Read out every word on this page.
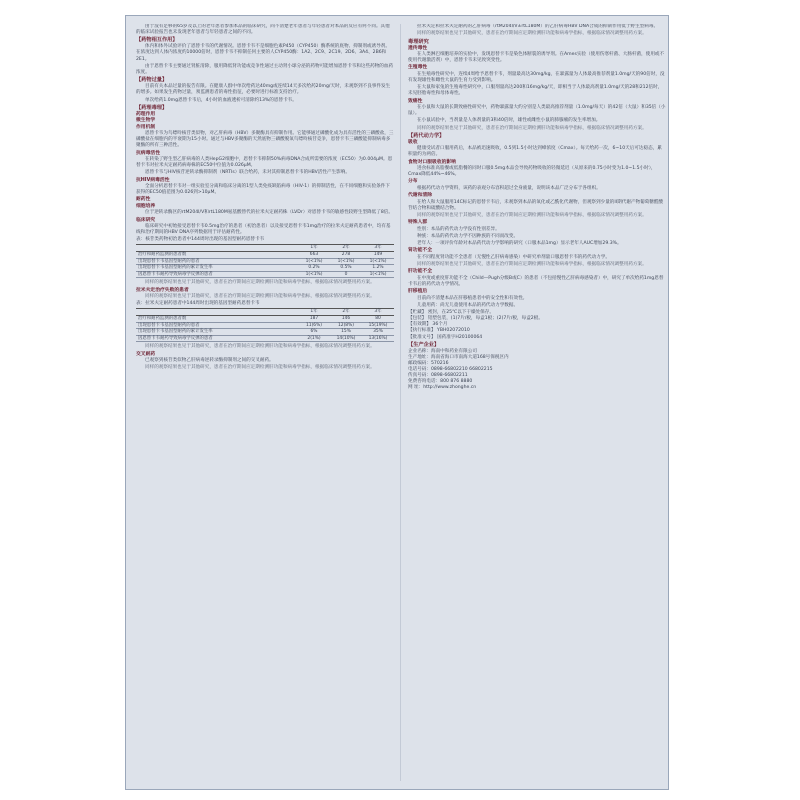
由于没有足够的65岁及以上的老年患者参加本品的临床研究，尚不清楚老年患者与年轻患者对本品的反应有何不同。其他的临床试验报告也未发现老年患者与年轻患者之间的不同。

【药物相互作用】

体内和体外试验评价了恩替卡韦的代谢情况。恩替卡韦不是细胞色素P450（CYP450）酶系统的底物、抑制剂或诱导剂。在浓度达到人体内浓度约10000倍时，恩替卡韦不抑制任何主要的人CYP450酶：1A2、2C9、2C19、2D6、3A4、2B6和2E1。

由于恩替卡韦主要通过肾脏清除，服用降低肾功能或竞争性通过主动肾小球分泌的药物可能增加恩替卡韦和这些药物的血药浓度。

【药物过量】

目前有关本品过量的报告有限。在健康人群中单次给药达40mg或连续14天多次给药20mg/天时，未观察到不良事件发生的增多。如果发生药物过量，须监测患者的毒性指征，必要时进行标准支持治疗。

单次给药1.0mg恩替卡韦后，4小时的血液透析可清除约13%的恩替卡韦。

【药理毒理】
药理作用
微生物学
作用机制

恩替卡韦为鸟嘌呤核苷类似物，对乙肝病毒（HBV）多聚酶具有抑制作用。它能够通过磷酸化成为具有活性的三磷酸盐，三磷酸盐在细胞内的半衰期为15小时。通过与HBV多聚酶的天然底物三磷酸脱氧鸟嘌呤核苷竞争，恩替卡韦三磷酸能抑制病毒多聚酶的所有三种活性。

抗病毒活性

在转染了野生型乙肝病毒的人类HepG2细胞中，恩替卡韦抑制50%病毒DNA合成所需要的浓度（EC50）为0.004μM。恩替卡韦对拉米夫定耐药病毒株的EC50中位值为0.026μM。

恩替卡韦与HIV核苷逆转录酶抑制剂（NRTIs）联合给药，未对其抑制恩替卡韦的HBV活性产生影响。

抗HIV病毒活性

全面分析恩替卡韦对一组实验室分离和临床分离的1型人类免疫缺陷病毒（HIV-1）的抑制活性，在不同细胞和实验条件下获得的EC50值范围为0.026到>10μM。

耐药性
细胞培养

位于逆转录酶区的rtM204I/V和rtL180M氨基酸替代的拉米夫定耐药株（LVDr）对恩替卡韦的敏感性较野生型降低了8倍。

临床研究

临床研究中初始接受恩替卡韦0.5mg治疗的患者（初治患者）以及接受恩替卡韦1mg治疗的拉米夫定耐药患者中，均有基线和治疗期间的HBV DNA序列数据用于评估耐药性。

表：核苷类药物初治患者中144周时出现的基因型耐药恩替卡韦
	1年	2年	3年
治疗和耐药监测的患者数	663	278	149
出现恩替卡韦基因型耐药的患者	1(<1%)	1(<1%)	1(<1%)
出现恩替卡韦基因型耐药的累计发生率	0.2%	0.5%	1.2%
因恩替卡韦耐药导致病毒学反弹的患者	1(<1%)	0	1(<1%)

同样的观察结果也见于其他研究，患者在治疗期间应定期检测肝功能和病毒学指标，根据临床情况调整用药方案。

拉米夫定治疗失败的患者

同样的观察结果也见于其他研究，患者在治疗期间应定期检测肝功能和病毒学指标，根据临床情况调整用药方案。

表：拉米夫定耐药患者中144周时出现的基因型耐药恩替卡韦
	1年	2年	3年
治疗和耐药监测的患者数	187	146	80
出现恩替卡韦基因型耐药的患者	11(6%)	12(8%)	15(19%)
出现恩替卡韦基因型耐药的累计发生率	6%	15%	35%
因恩替卡韦耐药导致病毒学反弹的患者	2(1%)	14(10%)	13(16%)

同样的观察结果也见于其他研究，患者在治疗期间应定期检测肝功能和病毒学指标，根据临床情况调整用药方案。

交叉耐药

已观察到核苷类似物乙肝病毒逆转录酶抑制剂之间的交叉耐药。

同样的观察结果也见于其他研究，患者在治疗期间应定期检测肝功能和病毒学指标，根据临床情况调整用药方案。

拉米夫定和拉米夫定耐药的乙肝病毒（rtM204I/V±rtL180M）的乙肝病毒HBV DNA合成的抑制作用低于野生型病毒。

同样的观察结果也见于其他研究，患者在治疗期间应定期检测肝功能和病毒学指标，根据临床情况调整用药方案。

毒理研究
遗传毒性

在人类淋巴细胞培养的实验中，发现恩替卡韦是染色体断裂的诱导剂。在Ames实验（使用伤寒杆菌、大肠杆菌，使用或不使用代谢激活剂）中，恩替卡韦未见致突变性。

生殖毒性

在生殖毒性研究中，连续4周给予恩替卡韦，剂量最高达30mg/kg，在暴露量为人体最高推荐剂量1.0mg/天的90倍时，没有发现雄性和雌性大鼠的生育力受到影响。

在大鼠和家兔的生殖毒性研究中，口服剂量高达200和16mg/kg/天，即相当于人体最高剂量1.0mg/天的28和212倍时，未见胚胎毒性和母体毒性。

致癌性

在小鼠和大鼠的长期致癌性研究中，药物暴露量大约分别是人类最高推荐剂量（1.0mg/每天）的42倍（大鼠）和35倍（小鼠）。

在小鼠试验中，当剂量是人体剂量的3和40倍时，雄性或雌性小鼠的肺腺瘤的发生率增加。

同样的观察结果也见于其他研究，患者在治疗期间应定期检测肝功能和病毒学指标，根据临床情况调整用药方案。

【药代动力学】
吸收

健康受试者口服用药后，本品被迅速吸收，0.5到1.5小时达到峰浓度（Cmax）。每天给药一次，6~10天后可达稳态，累积量约为两倍。

食物对口服吸收的影响

进食标准高脂餐或低脂餐的同时口服0.5mg本品会导致药物吸收的轻微延迟（从原来的0.75小时变为1.0~1.5小时），Cmax降低44%~46%。

分布

根据药代动力学资料，该药的表观分布容积超过全身液量，说明该本品广泛分布于各组织。

代谢和清除

在给人和大鼠服用14C标记的恩替卡韦后，未观察到本品的氧化或乙酰化代谢物，但观察到少量的II期代谢产物葡萄糖醛酸苷结合物和硫酸结合物。

同样的观察结果也见于其他研究，患者在治疗期间应定期检测肝功能和病毒学指标，根据临床情况调整用药方案。

特殊人群

性别：本品的药代动力学没有性别差异。

种族：本品的药代动力学不因种族的不同而改变。

老年人：一项评价年龄对本品药代动力学影响的研究（口服本品1mg）显示老年人AUC增加29.3%。

肾功能不全

在不同程度肾功能不全患者（无慢性乙肝病毒感染）中研究单剂量口服恩替卡韦的药代动力学。

同样的观察结果也见于其他研究，患者在治疗期间应定期检测肝功能和病毒学指标，根据临床情况调整用药方案。

肝功能不全

在中度或重度肝功能不全（Child—Pugh分级B或C）的患者（不包括慢性乙肝病毒感染者）中，研究了单次给药1mg恩替卡韦后的药代动力学情况。

肝移植后

目前尚不清楚本品在肝移植患者中的安全性和有效性。

儿童用药：尚无儿童使用本品的药代动力学数据。

【贮藏】 密封，在25℃以下干燥处保存。
【包装】 铝塑包装，(1)7片/板，每盒1板；(2)7片/板，每盒2板。
【有效期】 36个月
【执行标准】 YBH02072010
【批准文号】 国药准字H20100064
【生产企业】
企业名称：海南中和药业有限公司
生产地址：海南省海口市南海大道168号保税区内
邮政编码：570216
电话号码：0898-66802210 66802215
传真号码：0898-66802211
免费咨询电话：800 876 8880
网 址：http://www.zhonghe.cn
